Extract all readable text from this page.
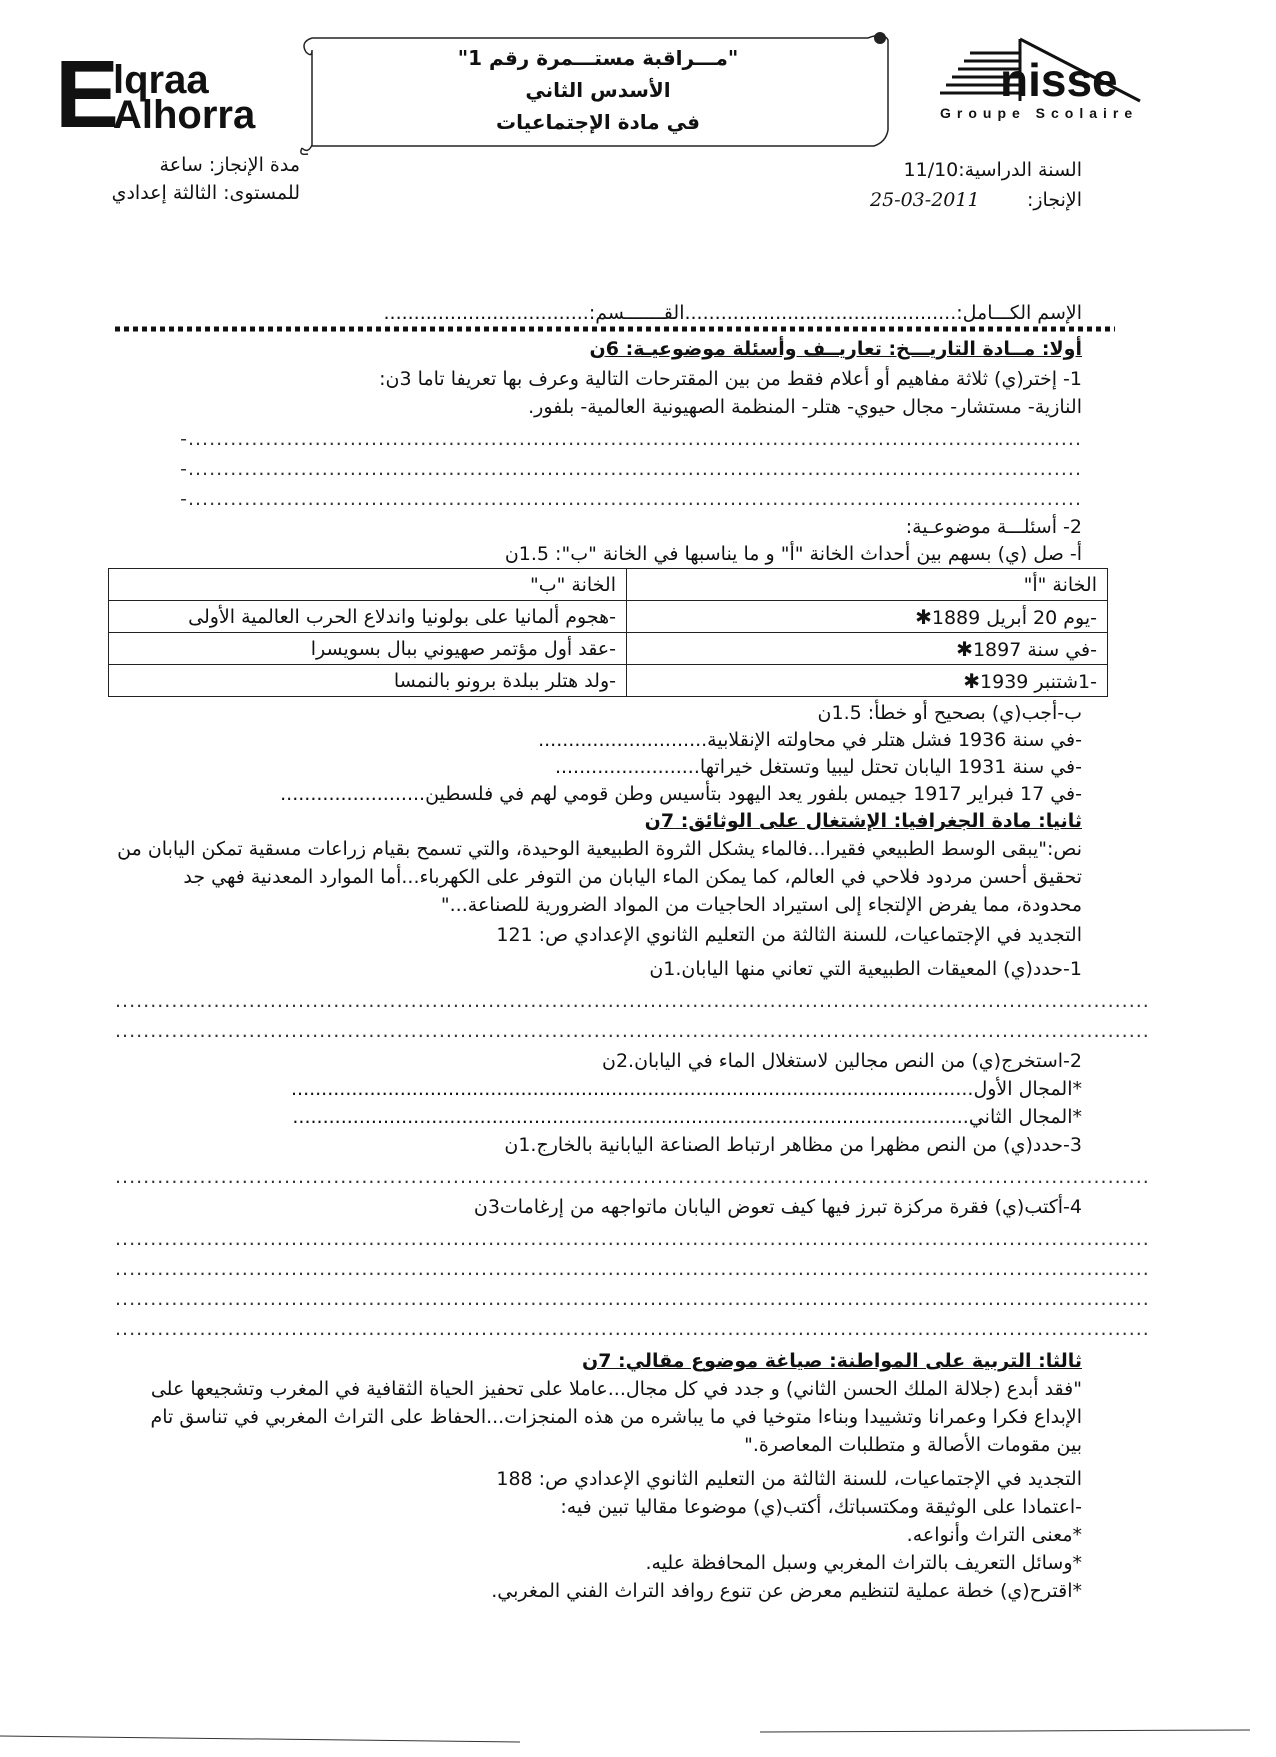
E
lqraa
Alhorra
"مـــراقبة مستـــمرة رقم 1"
الأسدس الثاني
في مادة الإجتماعيات
nisse
Groupe Scolaire
مدة الإنجاز: ساعة
للمستوى: الثالثة إعدادي
السنة الدراسية:11/10
الإنجاز:
25-03-2011
الإسم الكـــامل:.............................................القـــــــسم:..................................
أولا: مــادة التاريـــخ: تعاريــف وأسئلة موضوعيـة: 6ن
1- إختر(ي) ثلاثة مفاهيم أو أعلام فقط من بين المقترحات التالية وعرف بها تعريفا تاما 3ن:
النازية- مستشار- مجال حيوي- هتلر- المنظمة الصهيونية العالمية- بلفور.
-...............................................................................................................................
-...............................................................................................................................
-...............................................................................................................................
2- أسئلـــة موضوعـية:
أ- صل (ي) بسهم بين أحداث الخانة "أ" و ما يناسبها في الخانة "ب": 1.5ن
الخانة "أ"	الخانة "ب"
-يوم 20 أبريل 1889✱	-هجوم ألمانيا على بولونيا واندلاع الحرب العالمية الأولى
-في سنة 1897✱	-عقد أول مؤتمر صهيوني ببال بسويسرا
-1شتنبر 1939✱	-ولد هتلر ببلدة برونو بالنمسا
ب-أجب(ي) بصحيح أو خطأ: 1.5ن
-في سنة 1936 فشل هتلر في محاولته الإنقلابية............................
-في سنة 1931 اليابان تحتل ليبيا وتستغل خيراتها........................
-في 17 فبراير 1917 جيمس بلفور يعد اليهود بتأسيس وطن قومي لهم في فلسطين........................
ثانيا: مادة الجغرافيا: الإشتغال على الوثائق: 7ن
نص:"يبقى الوسط الطبيعي فقيرا...فالماء يشكل الثروة الطبيعية الوحيدة، والتي تسمح بقيام زراعات مسقية تمكن اليابان من
تحقيق أحسن مردود فلاحي في العالم، كما يمكن الماء اليابان من التوفر على الكهرباء...أما الموارد المعدنية فهي جد
محدودة، مما يفرض الإلتجاء إلى استيراد الحاجيات من المواد الضرورية للصناعة..."
التجديد في الإجتماعيات، للسنة الثالثة من التعليم الثانوي الإعدادي ص: 121
1-حدد(ي) المعيقات الطبيعية التي تعاني منها اليابان.1ن
...................................................................................................................................................
...................................................................................................................................................
2-استخرج(ي) من النص مجالين لاستغلال الماء في اليابان.2ن
*المجال الأول.................................................................................................................
*المجال الثاني................................................................................................................
3-حدد(ي) من النص مظهرا من مظاهر ارتباط الصناعة اليابانية بالخارج.1ن
...................................................................................................................................................
4-أكتب(ي) فقرة مركزة تبرز فيها كيف تعوض اليابان ماتواجهه من إرغامات3ن
...................................................................................................................................................
...................................................................................................................................................
...................................................................................................................................................
...................................................................................................................................................
ثالثا: التربية على المواطنة: صياغة موضوع مقالي: 7ن
"فقد أبدع (جلالة الملك الحسن الثاني) و جدد في كل مجال...عاملا على تحفيز الحياة الثقافية في المغرب وتشجيعها على
الإبداع فكرا وعمرانا وتشييدا وبناءا متوخيا في ما يباشره من هذه المنجزات...الحفاظ على التراث المغربي في تناسق تام
بين مقومات الأصالة و متطلبات المعاصرة."
التجديد في الإجتماعيات، للسنة الثالثة من التعليم الثانوي الإعدادي ص: 188
-اعتمادا على الوثيقة ومكتسباتك، أكتب(ي) موضوعا مقاليا تبين فيه:
*معنى التراث وأنواعه.
*وسائل التعريف بالتراث المغربي وسبل المحافظة عليه.
*اقترح(ي) خطة عملية لتنظيم معرض عن تنوع روافد التراث الفني المغربي.
